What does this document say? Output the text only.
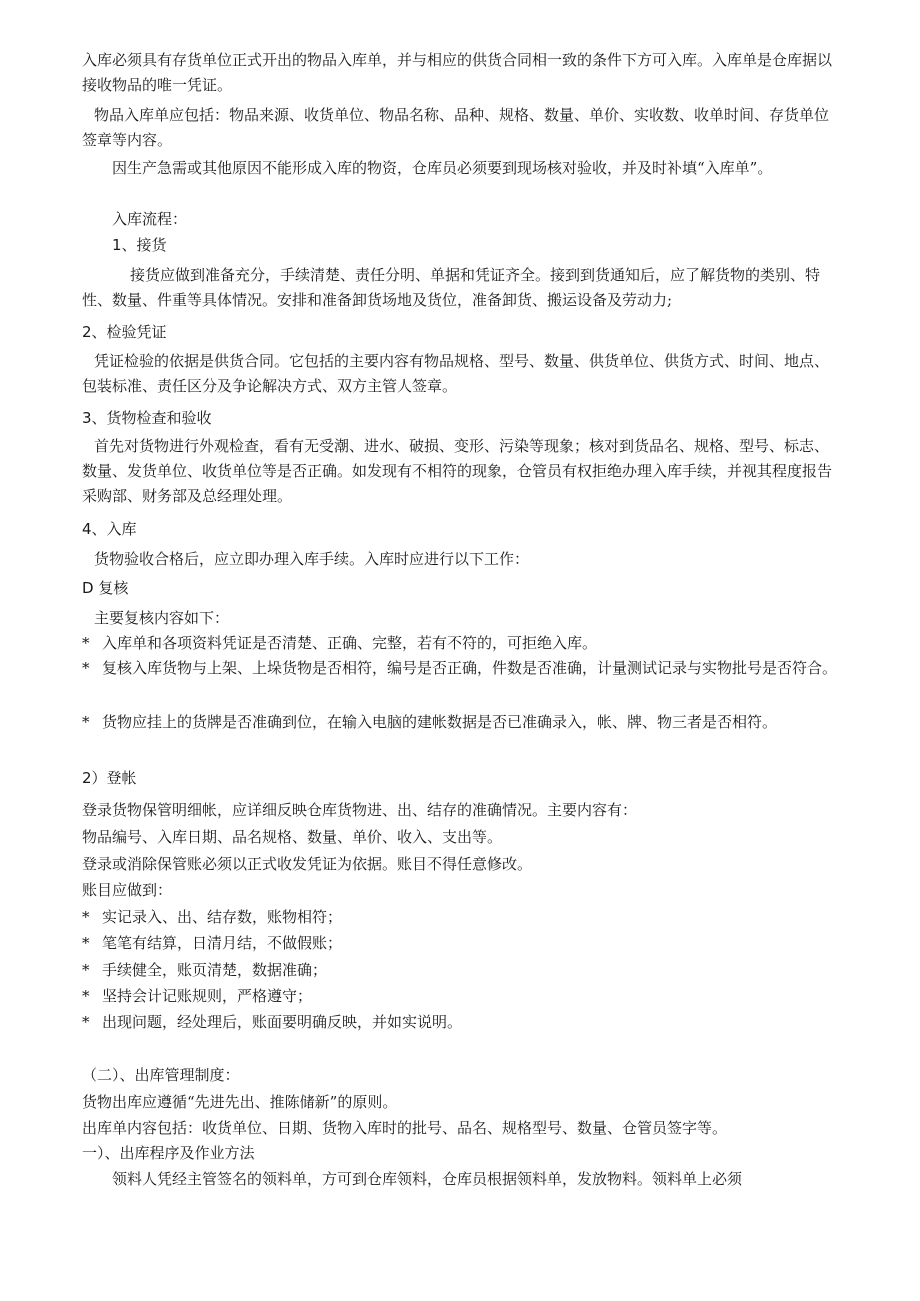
入库必须具有存货单位正式开出的物品入库单，并与相应的供货合同相一致的条件下方可入库。入库单是仓库据以接收物品的唯一凭证。

物品入库单应包括：物品来源、收货单位、物品名称、品种、规格、数量、单价、实收数、收单时间、存货单位签章等内容。

因生产急需或其他原因不能形成入库的物资，仓库员必须要到现场核对验收，并及时补填“入库单”。

入库流程：

1、接货

接货应做到准备充分，手续清楚、责任分明、单据和凭证齐全。接到到货通知后，应了解货物的类别、特性、数量、件重等具体情况。安排和准备卸货场地及货位，准备卸货、搬运设备及劳动力;

2、检验凭证

凭证检验的依据是供货合同。它包括的主要内容有物品规格、型号、数量、供货单位、供货方式、时间、地点、包装标准、责任区分及争论解决方式、双方主管人签章。

3、货物检查和验收

首先对货物进行外观检查，看有无受潮、进水、破损、变形、污染等现象；核对到货品名、规格、型号、标志、数量、发货单位、收货单位等是否正确。如发现有不相符的现象，仓管员有权拒绝办理入库手续，并视其程度报告采购部、财务部及总经理处理。

4、入库

货物验收合格后，应立即办理入库手续。入库时应进行以下工作：

D 复核

主要复核内容如下：

* 入库单和各项资料凭证是否清楚、正确、完整，若有不符的，可拒绝入库。

* 复核入库货物与上架、上垛货物是否相符，编号是否正确，件数是否准确，计量测试记录与实物批号是否符合。

* 货物应挂上的货牌是否准确到位，在输入电脑的建帐数据是否已准确录入，帐、牌、物三者是否相符。

2）登帐

登录货物保管明细帐，应详细反映仓库货物进、出、结存的准确情况。主要内容有：

物品编号、入库日期、品名规格、数量、单价、收入、支出等。

登录或消除保管账必须以正式收发凭证为依据。账目不得任意修改。

账目应做到：

* 实记录入、出、结存数，账物相符；

* 笔笔有结算，日清月结，不做假账；

* 手续健全，账页清楚，数据准确；

* 坚持会计记账规则，严格遵守；

* 出现问题，经处理后，账面要明确反映，并如实说明。

（二）、出库管理制度：

货物出库应遵循“先进先出、推陈储新”的原则。

出库单内容包括：收货单位、日期、货物入库时的批号、品名、规格型号、数量、仓管员签字等。

一）、出库程序及作业方法

领料人凭经主管签名的领料单，方可到仓库领料，仓库员根据领料单，发放物料。领料单上必须
